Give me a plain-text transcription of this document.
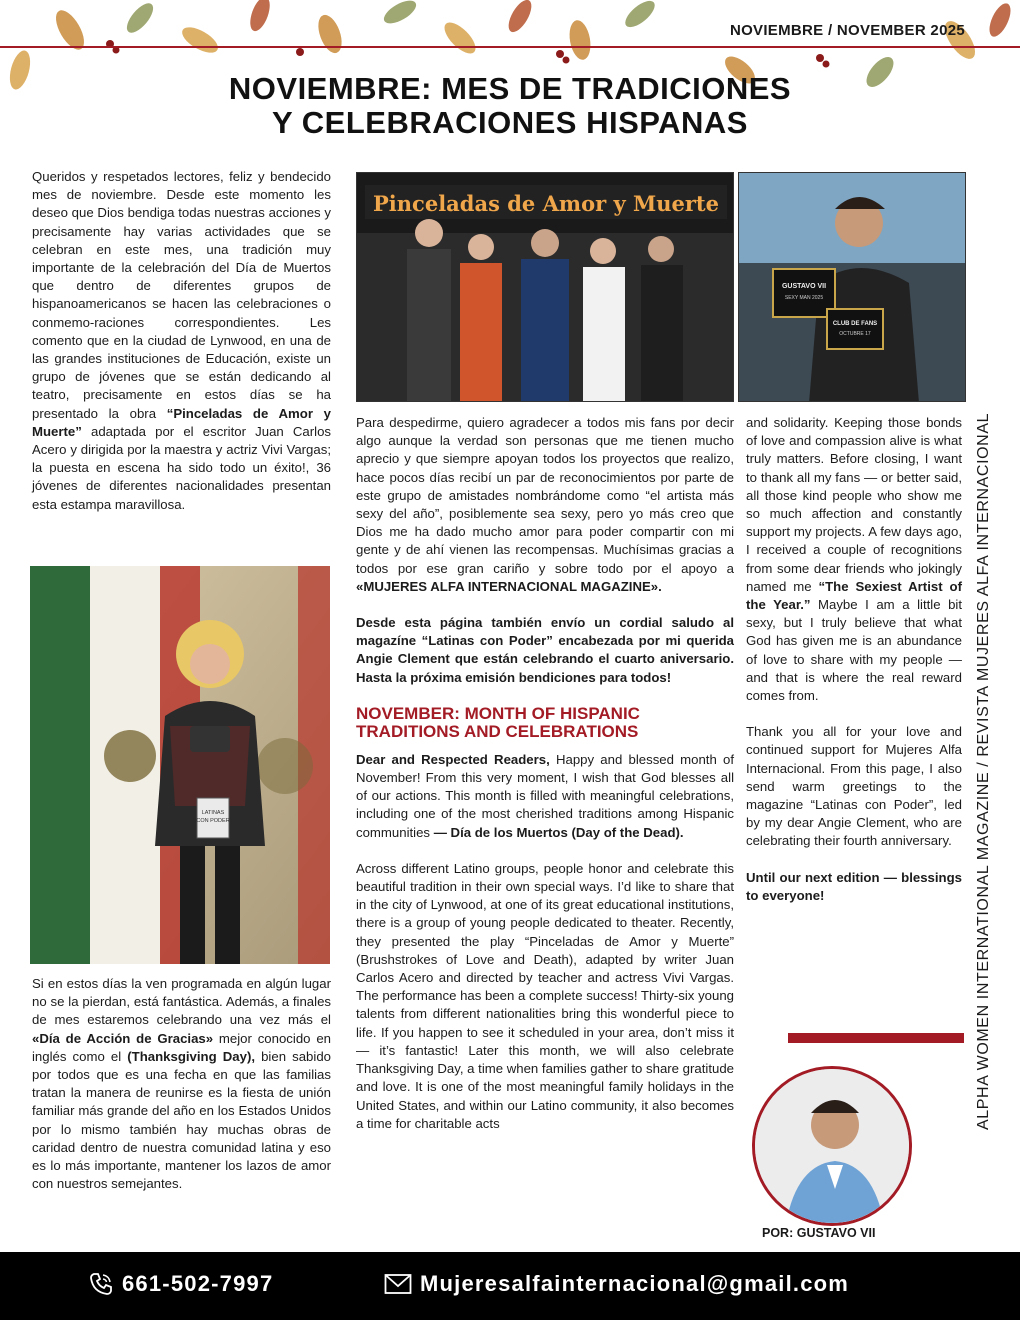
NOVIEMBRE / NOVEMBER 2025
NOVIEMBRE: MES DE TRADICIONES
Y CELEBRACIONES HISPANAS

Queridos y respetados lectores, feliz y bendecido mes de noviembre. Desde este momento les deseo que Dios bendiga todas nuestras acciones y precisamente hay varias actividades que se celebran en este mes, una tradición muy importante de la celebración del Día de Muertos que dentro de diferentes grupos de hispanoamericanos se hacen las celebraciones o conmemo-raciones correspondientes. Les comento que en la ciudad de Lynwood, en una de las grandes instituciones de Educación, existe un grupo de jóvenes que se están dedicando al teatro, precisamente en estos días se ha presentado la obra “Pinceladas de Amor y Muerte” adaptada por el escritor Juan Carlos Acero y dirigida por la maestra y actriz Vivi Vargas; la puesta en escena ha sido todo un éxito!, 36 jóvenes de diferentes nacionalidades presentan esta estampa maravillosa.

LATINAS
CON PODER

Si en estos días la ven programada en algún lugar no se la pierdan, está fantástica. Además, a finales de mes estaremos celebrando una vez más el «Día de Acción de Gracias» mejor conocido en inglés como el (Thanksgiving Day), bien sabido por todos que es una fecha en que las familias tratan la manera de reunirse es la fiesta de unión familiar más grande del año en los Estados Unidos por lo mismo también hay muchas obras de caridad dentro de nuestra comunidad latina y eso es lo más importante, mantener los lazos de amor con nuestros semejantes.

Pinceladas de Amor y Muerte
GUSTAVO VII
SEXY MAN 2025
CLUB DE FANS
OCTUBRE 17

Para despedirme, quiero agradecer a todos mis fans por decir algo aunque la verdad son personas que me tienen mucho aprecio y que siempre apoyan todos los proyectos que realizo, hace pocos días recibí un par de reconocimientos por parte de este grupo de amistades nombrándome como “el artista más sexy del año”, posiblemente sea sexy, pero yo más creo que Dios me ha dado mucho amor para poder compartir con mi gente y de ahí vienen las recompensas. Muchísimas gracias a todos por ese gran cariño y sobre todo por el apoyo a «MUJERES ALFA INTERNACIONAL MAGAZINE».

Desde esta página también envío un cordial saludo al magazíne “Latinas con Poder” encabezada por mi querida Angie Clement que están celebrando el cuarto aniversario. Hasta la próxima emisión bendiciones para todos!

NOVEMBER: MONTH OF HISPANIC TRADITIONS AND CELEBRATIONS

Dear and Respected Readers, Happy and blessed month of November! From this very moment, I wish that God blesses all of our actions. This month is filled with meaningful celebrations, including one of the most cherished traditions among Hispanic communities — Día de los Muertos (Day of the Dead).

Across different Latino groups, people honor and celebrate this beautiful tradition in their own special ways. I’d like to share that in the city of Lynwood, at one of its great educational institutions, there is a group of young people dedicated to theater. Recently, they presented the play “Pinceladas de Amor y Muerte” (Brushstrokes of Love and Death), adapted by writer Juan Carlos Acero and directed by teacher and actress Vivi Vargas. The performance has been a complete success! Thirty-six young talents from different nationalities bring this wonderful piece to life. If you happen to see it scheduled in your area, don’t miss it — it’s fantastic! Later this month, we will also celebrate Thanksgiving Day, a time when families gather to share gratitude and love. It is one of the most meaningful family holidays in the United States, and within our Latino community, it also becomes a time for charitable acts

and solidarity. Keeping those bonds of love and compassion alive is what truly matters. Before closing, I want to thank all my fans — or better said, all those kind people who show me so much affection and constantly support my projects. A few days ago, I received a couple of recognitions from some dear friends who jokingly named me “The Sexiest Artist of the Year.” Maybe I am a little bit sexy, but I truly believe that what God has given me is an abundance of love to share with my people — and that is where the real reward comes from.

Thank you all for your love and continued support for Mujeres Alfa Internacional. From this page, I also send warm greetings to the magazine “Latinas con Poder”, led by my dear Angie Clement, who are celebrating their fourth anniversary.

Until our next edition — blessings to everyone!	ALPHA WOMEN INTERNATIONAL MAGAZINE / REVISTA MUJERES ALFA INTERNACIONAL
POR: GUSTAVO VII
661-502-7997	Mujeresalfainternacional@gmail.com
